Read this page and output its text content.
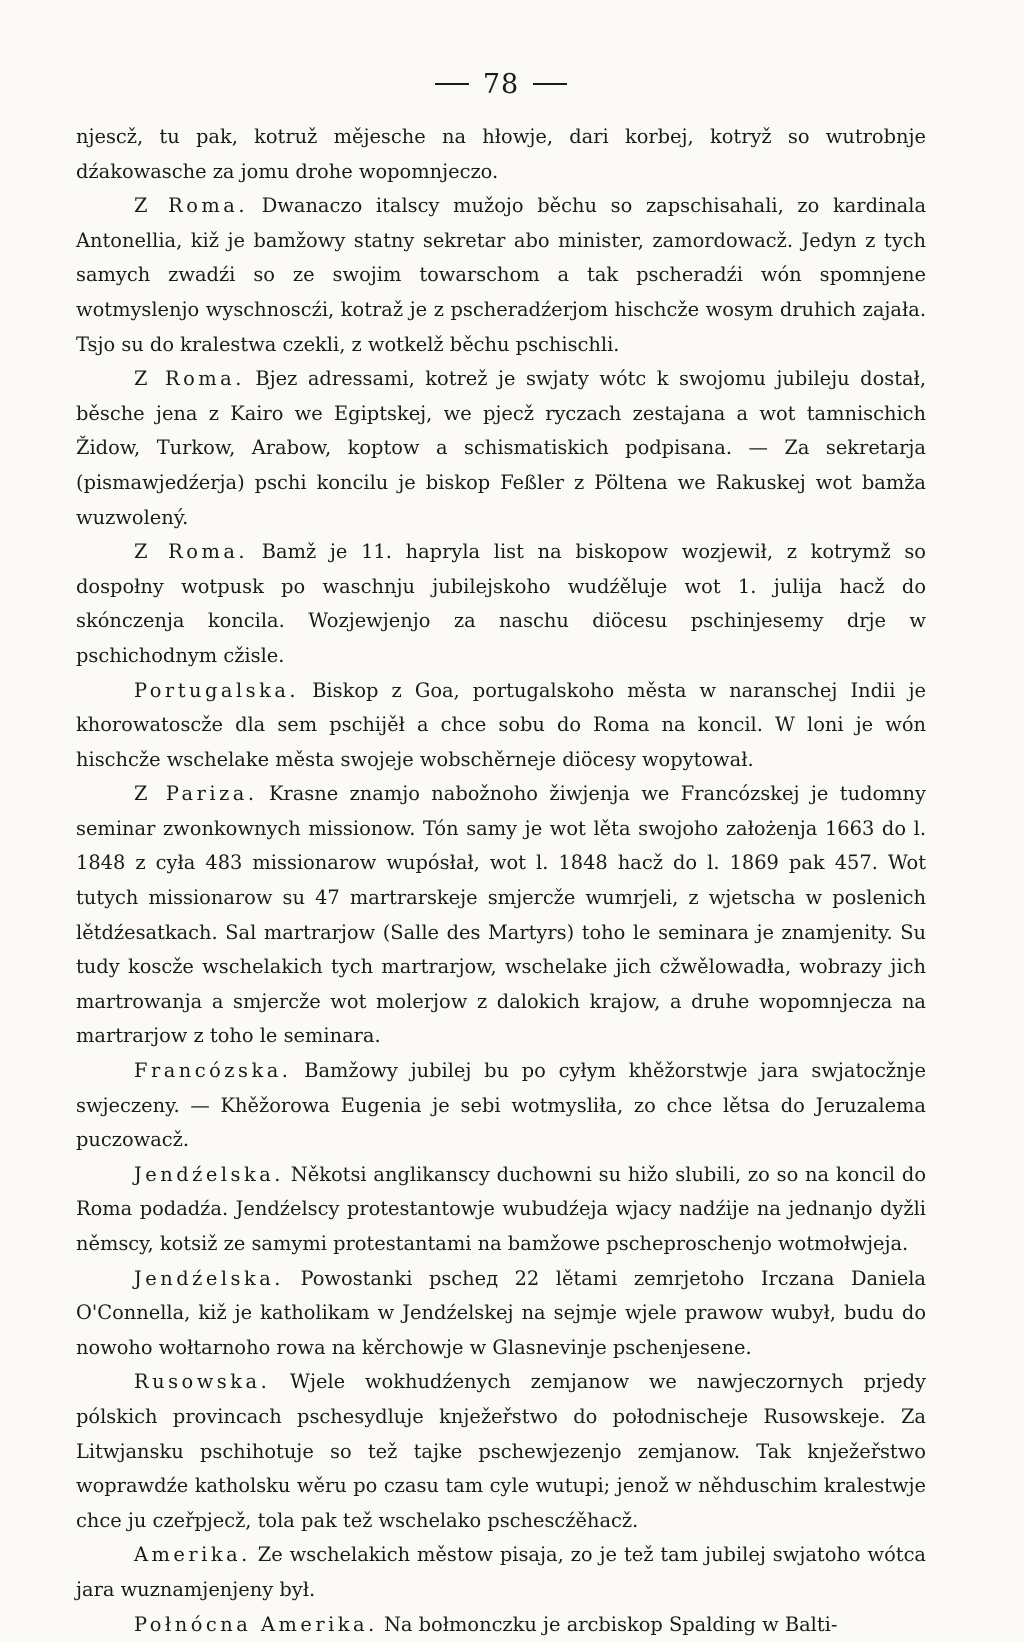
78

njescž, tu pak, kotruž mějesche na hłowje, dari korbej, kotryž so wutrobnje dźakowasche za jomu drohe wopomnjeczo.

Z Roma. Dwanaczo italscy mužojo běchu so zapschisahali, zo kardinala Antonellia, kiž je bamžowy statny sekretar abo minister, zamordowacž. Jedyn z tych samych zwadźi so ze swojim towarschom a tak pscheradźi wón spomnjene wotmyslenjo wyschnoscźi, kotraž je z pscheradźerjom hischcže wosym druhich zajała. Tsjo su do kralestwa czekli, z wotkelž běchu pschischli.

Z Roma. Bjez adressami, kotrež je swjaty wótc k swojomu jubileju dostał, běsche jena z Kairo we Egiptskej, we pjecž ryczach zestajana a wot tamnischich Židow, Turkow, Arabow, koptow a schismatiskich podpisana. — Za sekretarja (pismawjedźerja) pschi koncilu je biskop Feßler z Pöltena we Rakuskej wot bamža wuzwolený.

Z Roma. Bamž je 11. hapryla list na biskopow wozjewił, z kotrymž so dospołny wotpusk po waschnju jubilejskoho wudźěluje wot 1. julija hacž do skónczenja koncila. Wozjewjenjo za naschu diöcesu pschinjesemy drje w pschichodnym cžisle.

Portugalska. Biskop z Goa, portugalskoho města w naranschej Indii je khorowatoscže dla sem pschijěł a chce sobu do Roma na koncil. W loni je wón hischcže wschelake města swojeje wobschěrneje diöcesy wopytował.

Z Pariza. Krasne znamjo nabožnoho žiwjenja we Francózskej je tudomny seminar zwonkownych missionow. Tón samy je wot lěta swojoho założenja 1663 do l. 1848 z cyła 483 missionarow wupósłał, wot l. 1848 hacž do l. 1869 pak 457. Wot tutych missionarow su 47 martrarskeje smjercže wumrjeli, z wjetscha w poslenich lětdźesatkach. Sal martrarjow (Salle des Martyrs) toho le seminara je znamjenity. Su tudy koscže wschelakich tych martrarjow, wschelake jich cžwělowadła, wobrazy jich martrowanja a smjercže wot molerjow z dalokich krajow, a druhe wopomnjecza na martrarjow z toho le seminara.

Francózska. Bamžowy jubilej bu po cyłym khěžorstwje jara swjatocžnje swjeczeny. — Khěžorowa Eugenia je sebi wotmysliła, zo chce lětsa do Jeruzalema puczowacž.

Jendźelska. Někotsi anglikanscy duchowni su hižo slubili, zo so na koncil do Roma podadźa. Jendźelscy protestantowje wubudźeja wjacy nadźije na jednanjo dyžli němscy, kotsiž ze samymi protestantami na bamžowe pscheproschenjo wotmołwjeja.

Jendźelska. Powostanki pscheд 22 lětami zemrjetoho Irczana Daniela O'Connella, kiž je katholikam w Jendźelskej na sejmje wjele prawow wubył, budu do nowoho wołtarnoho rowa na kěrchowje w Glasnevinje pschenjesene.

Rusowska. Wjele wokhudźenych zemjanow we nawjeczornych prjedy pólskich provincach pschesydluje knježeřstwo do połodnischeje Rusowskeje. Za Litwjansku pschihotuje so tež tajke pschewjezenjo zemjanow. Tak knježeřstwo woprawdźe katholsku wěru po czasu tam cyle wutupi; jenož w něhduschim kralestwje chce ju czeřpjecž, tola pak tež wschelako pschescźěhacž.

Amerika. Ze wschelakich městow pisaja, zo je tež tam jubilej swjatoho wótca jara wuznamjenjeny był.

Połnócna Amerika. Na bołmonczku je arcbiskop Spalding w Balti-
